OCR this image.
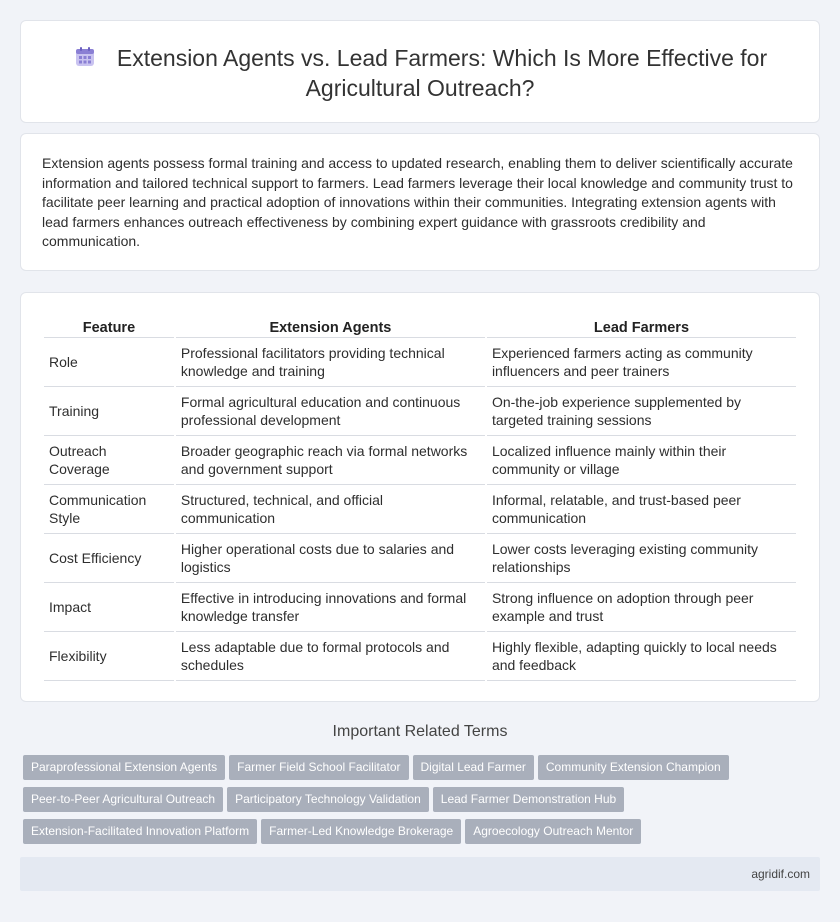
Extension Agents vs. Lead Farmers: Which Is More Effective for
Agricultural Outreach?

Extension agents possess formal training and access to updated research, enabling them to deliver scientifically accurate information and tailored technical support to farmers. Lead farmers leverage their local knowledge and community trust to facilitate peer learning and practical adoption of innovations within their communities. Integrating extension agents with lead farmers enhances outreach effectiveness by combining expert guidance with grassroots credibility and communication.

Feature	Extension Agents	Lead Farmers
Role	Professional facilitators providing technical knowledge and training	Experienced farmers acting as community influencers and peer trainers
Training	Formal agricultural education and continuous professional development	On-the-job experience supplemented by targeted training sessions
Outreach Coverage	Broader geographic reach via formal networks and government support	Localized influence mainly within their community or village
Communication Style	Structured, technical, and official communication	Informal, relatable, and trust-based peer communication
Cost Efficiency	Higher operational costs due to salaries and logistics	Lower costs leveraging existing community relationships
Impact	Effective in introducing innovations and formal knowledge transfer	Strong influence on adoption through peer example and trust
Flexibility	Less adaptable due to formal protocols and schedules	Highly flexible, adapting quickly to local needs and feedback
Important Related Terms
Paraprofessional Extension Agents Farmer Field School Facilitator Digital Lead Farmer Community Extension Champion
Peer-to-Peer Agricultural Outreach Participatory Technology Validation Lead Farmer Demonstration Hub
Extension-Facilitated Innovation Platform Farmer-Led Knowledge Brokerage Agroecology Outreach Mentor
agridif.com
